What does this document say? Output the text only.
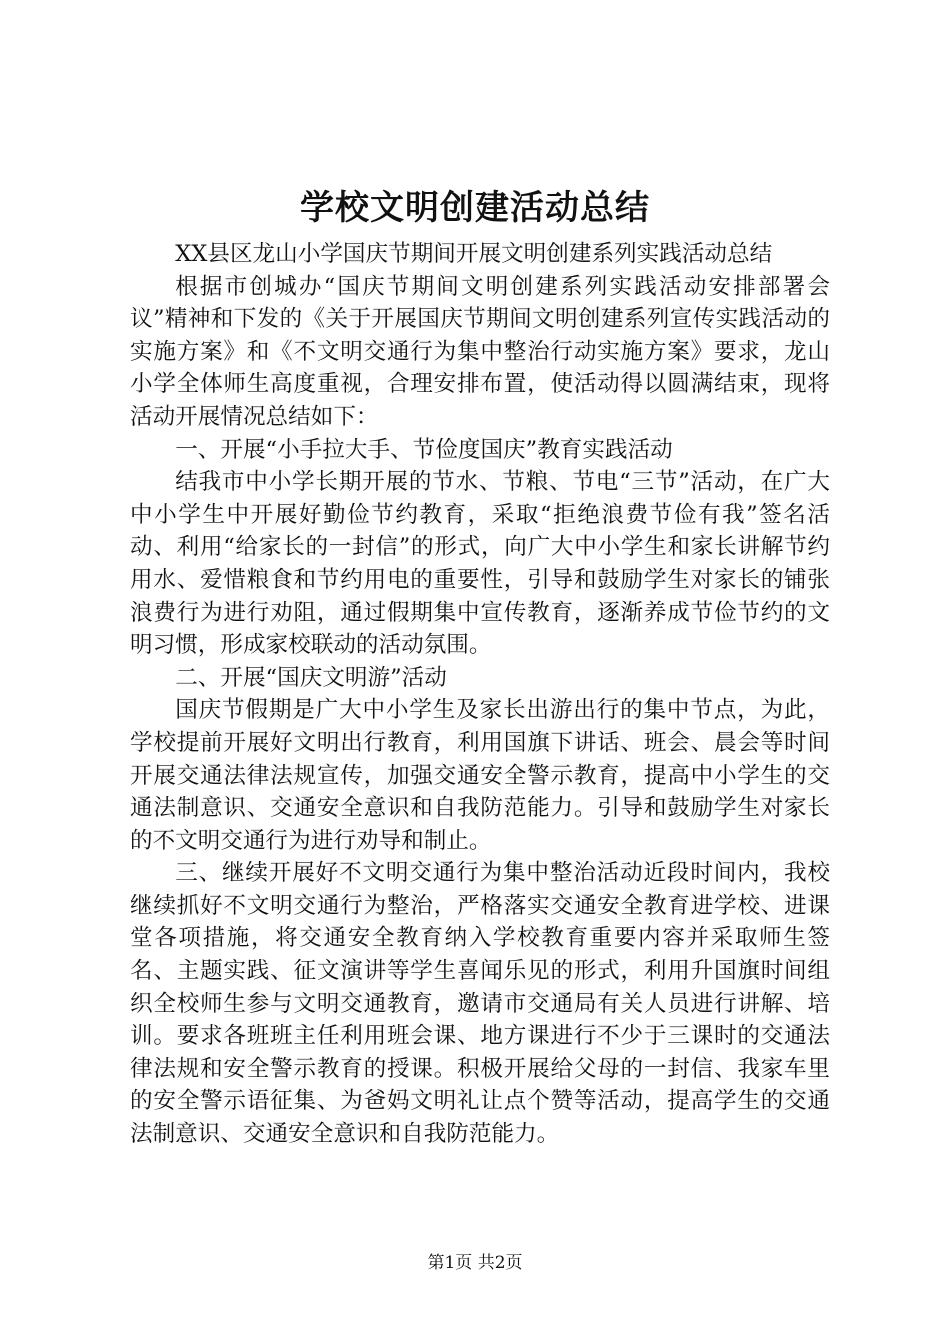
学校文明创建活动总结

XX县区龙山小学国庆节期间开展文明创建系列实践活动总结

根据市创城办“国庆节期间文明创建系列实践活动安排部署会议”精神和下发的《关于开展国庆节期间文明创建系列宣传实践活动的实施方案》和《不文明交通行为集中整治行动实施方案》要求，龙山小学全体师生高度重视，合理安排布置，使活动得以圆满结束，现将活动开展情况总结如下：

一、开展“小手拉大手、节俭度国庆”教育实践活动

结我市中小学长期开展的节水、节粮、节电“三节”活动，在广大中小学生中开展好勤俭节约教育，采取“拒绝浪费节俭有我”签名活动、利用“给家长的一封信”的形式，向广大中小学生和家长讲解节约用水、爱惜粮食和节约用电的重要性，引导和鼓励学生对家长的铺张浪费行为进行劝阻，通过假期集中宣传教育，逐渐养成节俭节约的文明习惯，形成家校联动的活动氛围。

二、开展“国庆文明游”活动

国庆节假期是广大中小学生及家长出游出行的集中节点，为此，学校提前开展好文明出行教育，利用国旗下讲话、班会、晨会等时间开展交通法律法规宣传，加强交通安全警示教育，提高中小学生的交通法制意识、交通安全意识和自我防范能力。引导和鼓励学生对家长的不文明交通行为进行劝导和制止。

三、继续开展好不文明交通行为集中整治活动近段时间内，我校继续抓好不文明交通行为整治，严格落实交通安全教育进学校、进课堂各项措施，将交通安全教育纳入学校教育重要内容并采取师生签名、主题实践、征文演讲等学生喜闻乐见的形式，利用升国旗时间组织全校师生参与文明交通教育，邀请市交通局有关人员进行讲解、培训。要求各班班主任利用班会课、地方课进行不少于三课时的交通法律法规和安全警示教育的授课。积极开展给父母的一封信、我家车里的安全警示语征集、为爸妈文明礼让点个赞等活动，提高学生的交通法制意识、交通安全意识和自我防范能力。

第1页 共2页
